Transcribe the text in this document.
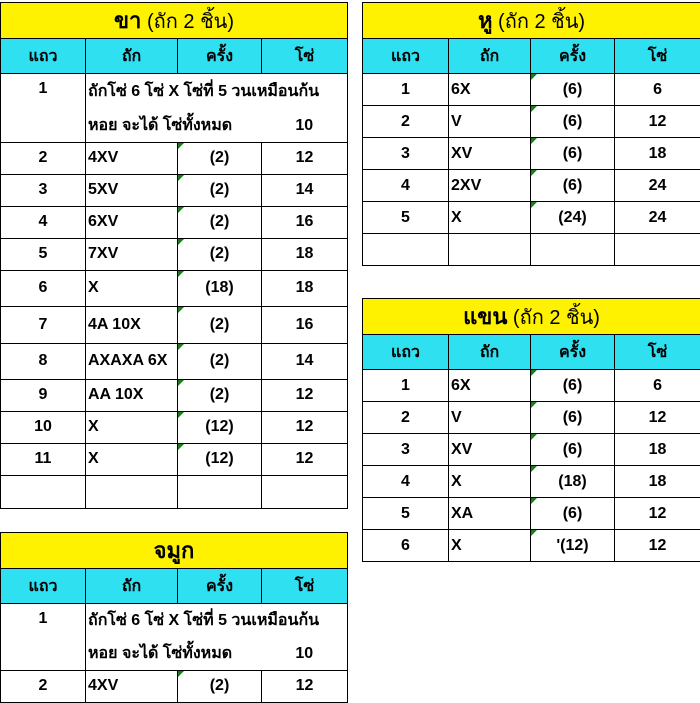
ขา (ถัก 2 ชิ้น)			
แถว	ถัก	ครั้ง	โซ่
1	ถักโซ่ 6 โซ่ X โซ่ที่ 5 วนเหมือนก้น		
	หอย จะได้ โซ่ทั้งหมด		10
2	4XV	(2)	12
3	5XV	(2)	14
4	6XV	(2)	16
5	7XV	(2)	18
6	X	(18)	18
7	4A 10X	(2)	16
8	AXAXA 6X	(2)	14
9	AA 10X	(2)	12
10	X	(12)	12
11	X	(12)	12

หู (ถัก 2 ชิ้น)			
แถว	ถัก	ครั้ง	โซ่
1	6X	(6)	6
2	V	(6)	12
3	XV	(6)	18
4	2XV	(6)	24
5	X	(24)	24

แขน (ถัก 2 ชิ้น)			
แถว	ถัก	ครั้ง	โซ่
1	6X	(6)	6
2	V	(6)	12
3	XV	(6)	18
4	X	(18)	18
5	XA	(6)	12
6	X	'(12)	12
จมูก			
แถว	ถัก	ครั้ง	โซ่
1	ถักโซ่ 6 โซ่ X โซ่ที่ 5 วนเหมือนก้น		
	หอย จะได้ โซ่ทั้งหมด		10
2	4XV	(2)	12
